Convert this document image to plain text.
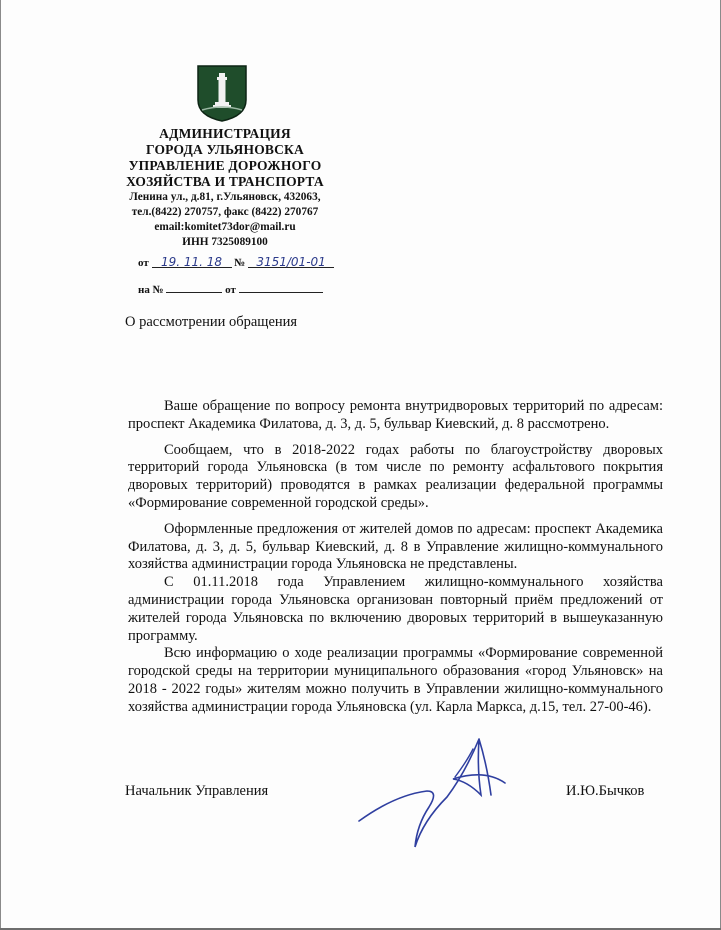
АДМИНИСТРАЦИЯ
ГОРОДА УЛЬЯНОВСКА
УПРАВЛЕНИЕ ДОРОЖНОГО
ХОЗЯЙСТВА И ТРАНСПОРТА
Ленина ул., д.81, г.Ульяновск, 432063,
тел.(8422) 270757, факс (8422) 270767
email:komitet73dor@mail.ru
ИНН 7325089100
от 19. 11. 18 № 3151/01-01
на №	от
О рассмотрении обращения

Ваше обращение по вопросу ремонта внутридворовых территорий по адресам: проспект Академика Филатова, д. 3, д. 5, бульвар Киевский, д. 8 рассмотрено.

Сообщаем, что в 2018-2022 годах работы по благоустройству дворовых территорий города Ульяновска (в том числе по ремонту асфальтового покрытия дворовых территорий) проводятся в рамках реализации федеральной программы «Формирование современной городской среды».

Оформленные предложения от жителей домов по адресам: проспект Академика Филатова, д. 3, д. 5, бульвар Киевский, д. 8 в Управление жилищно-коммунального хозяйства администрации города Ульяновска не представлены.

С 01.11.2018 года Управлением жилищно-коммунального хозяйства администрации города Ульяновска организован повторный приём предложений от жителей города Ульяновска по включению дворовых территорий в вышеуказанную программу.

Всю информацию о ходе реализации программы «Формирование современной городской среды на территории муниципального образования «город Ульяновск» на 2018 - 2022 годы» жителям можно получить в Управлении жилищно-коммунального хозяйства администрации города Ульяновска (ул. Карла Маркса, д.15, тел. 27-00-46).

Начальник Управления	И.Ю.Бычков
